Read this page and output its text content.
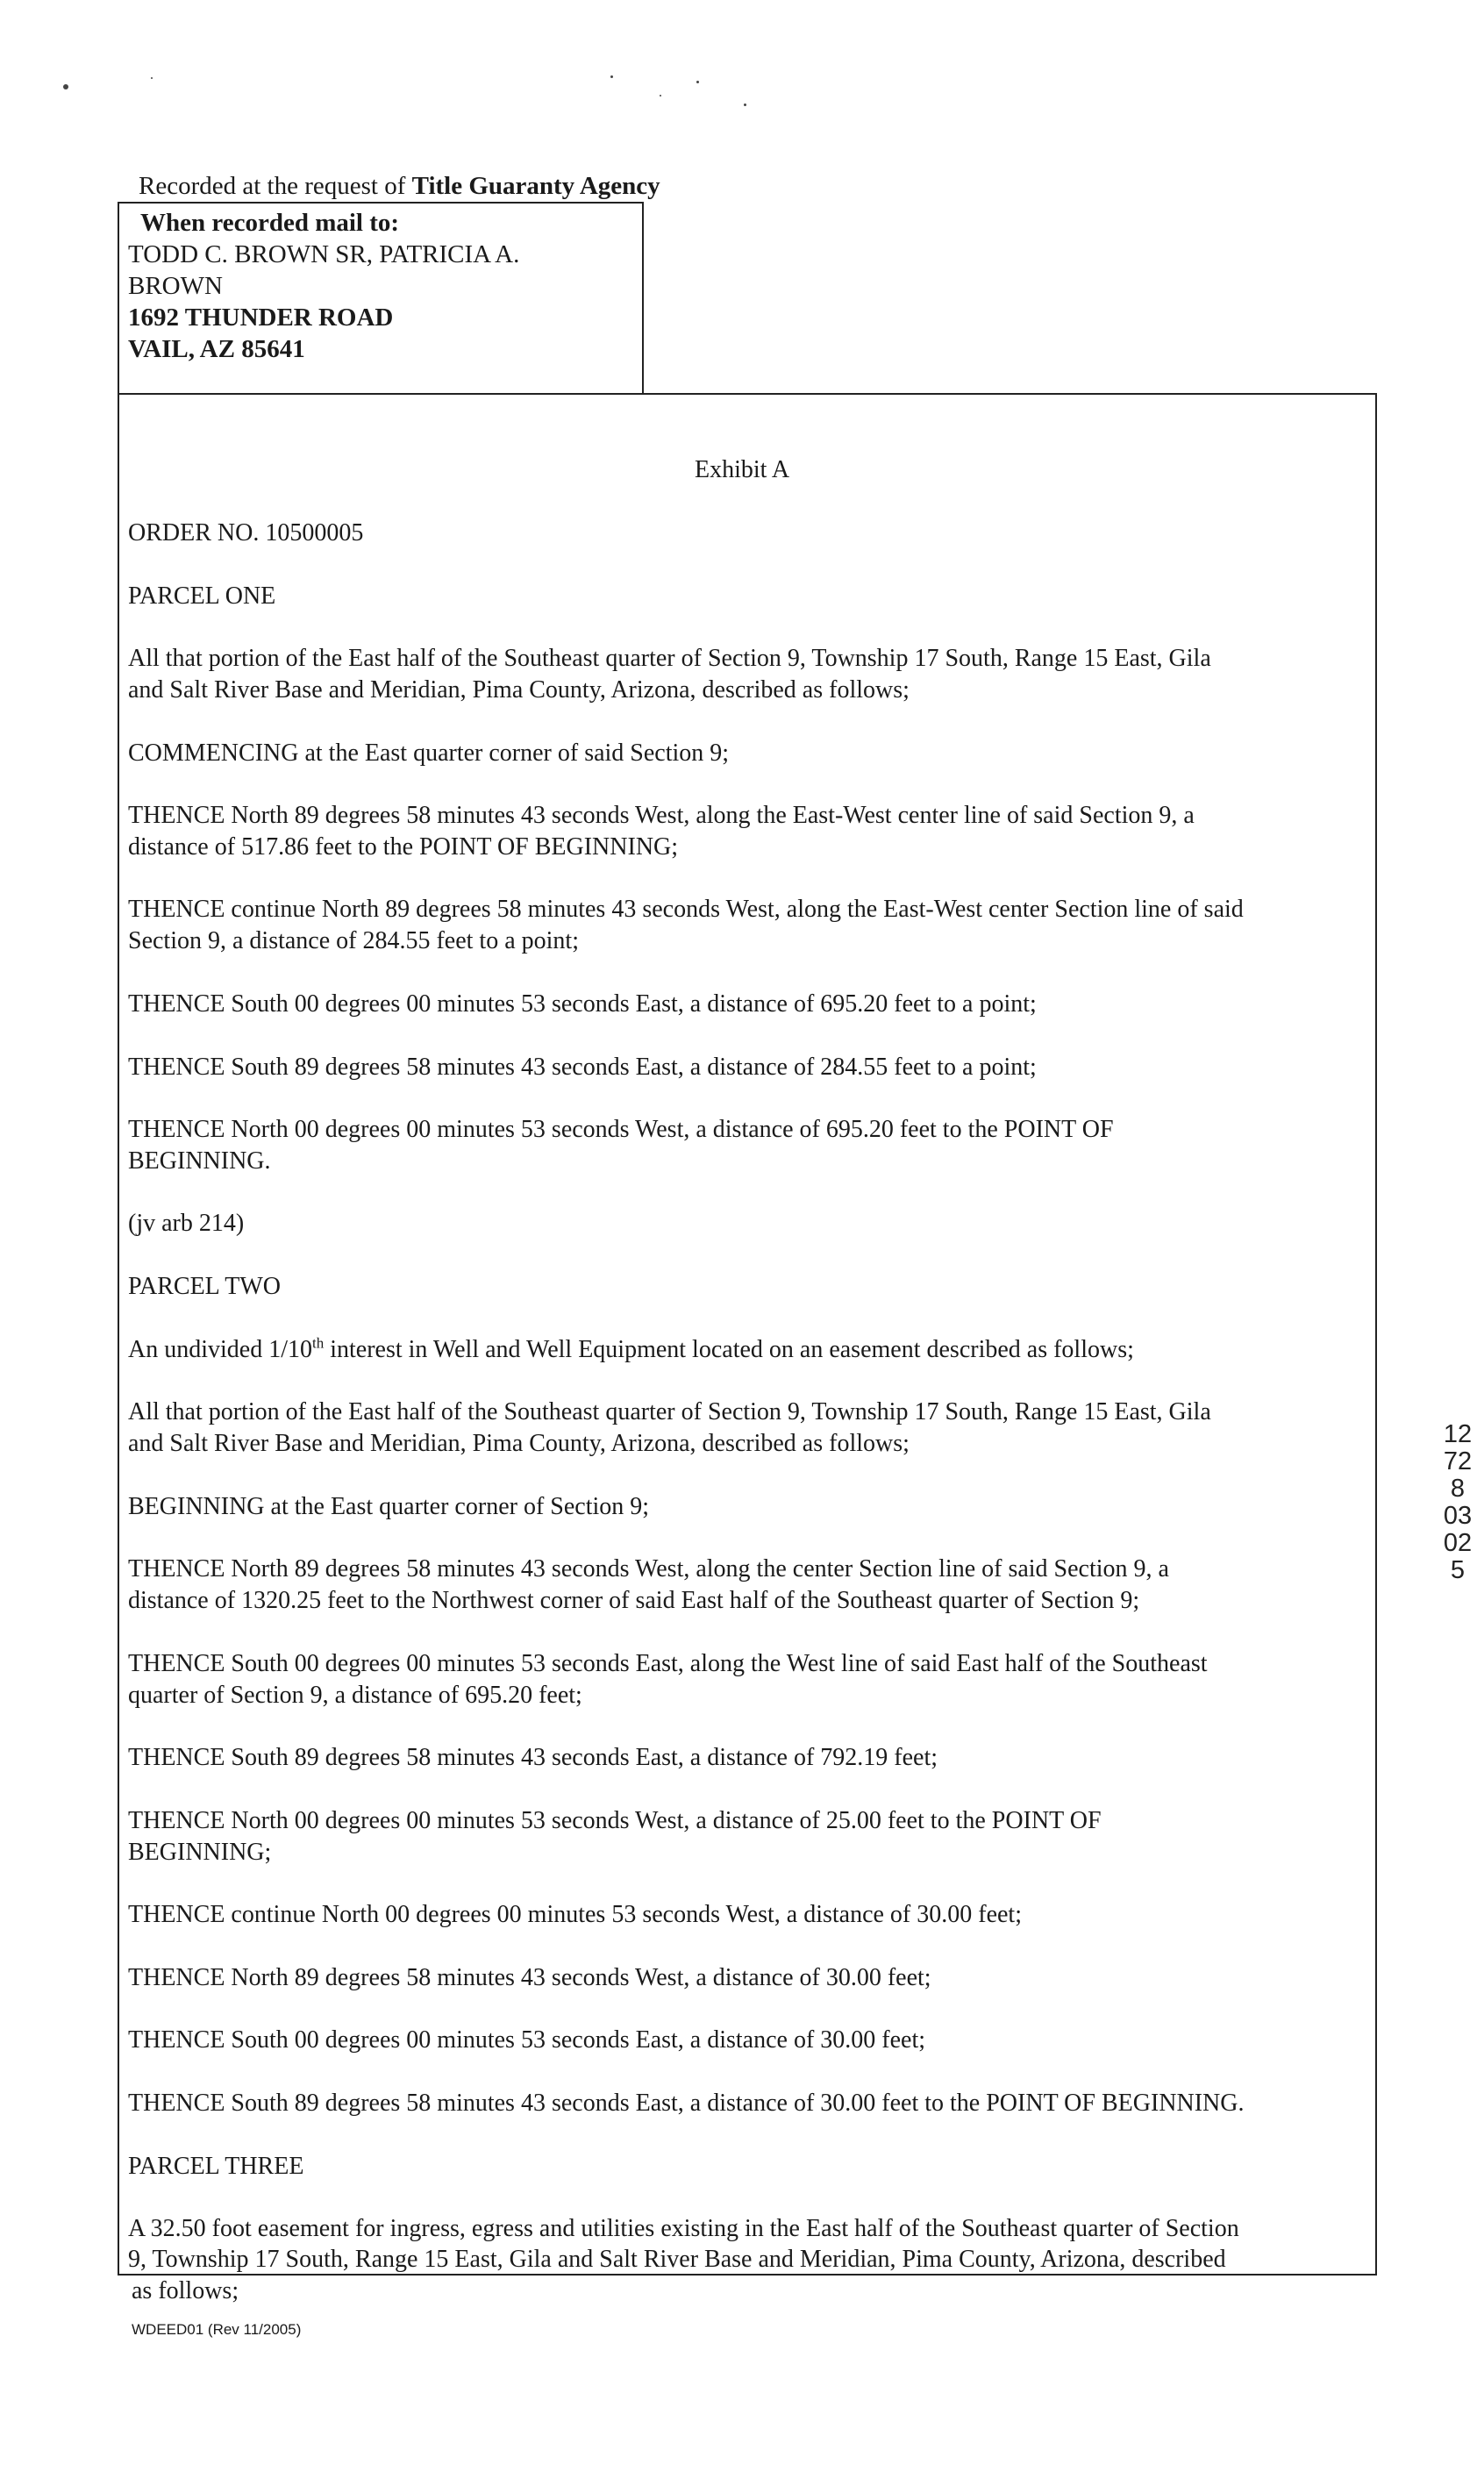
Recorded at the request of Title Guaranty Agency
When recorded mail to:
TODD C. BROWN SR, PATRICIA A.
BROWN
1692 THUNDER ROAD
VAIL, AZ 85641
Exhibit A
ORDER NO. 10500005
PARCEL ONE
All that portion of the East half of the Southeast quarter of Section 9, Township 17 South, Range 15 East, Gila
and Salt River Base and Meridian, Pima County, Arizona, described as follows;
COMMENCING at the East quarter corner of said Section 9;
THENCE North 89 degrees 58 minutes 43 seconds West, along the East-West center line of said Section 9, a
distance of 517.86 feet to the POINT OF BEGINNING;
THENCE continue North 89 degrees 58 minutes 43 seconds West, along the East-West center Section line of said
Section 9, a distance of 284.55 feet to a point;
THENCE South 00 degrees 00 minutes 53 seconds East, a distance of 695.20 feet to a point;
THENCE South 89 degrees 58 minutes 43 seconds East, a distance of 284.55 feet to a point;
THENCE North 00 degrees 00 minutes 53 seconds West, a distance of 695.20 feet to the POINT OF
BEGINNING.
(jv arb 214)
PARCEL TWO
An undivided 1/10th interest in Well and Well Equipment located on an easement described as follows;
All that portion of the East half of the Southeast quarter of Section 9, Township 17 South, Range 15 East, Gila
and Salt River Base and Meridian, Pima County, Arizona, described as follows;
BEGINNING at the East quarter corner of Section 9;
THENCE North 89 degrees 58 minutes 43 seconds West, along the center Section line of said Section 9, a
distance of 1320.25 feet to the Northwest corner of said East half of the Southeast quarter of Section 9;
THENCE South 00 degrees 00 minutes 53 seconds East, along the West line of said East half of the Southeast
quarter of Section 9, a distance of 695.20 feet;
THENCE South 89 degrees 58 minutes 43 seconds East, a distance of 792.19 feet;
THENCE North 00 degrees 00 minutes 53 seconds West, a distance of 25.00 feet to the POINT OF
BEGINNING;
THENCE continue North 00 degrees 00 minutes 53 seconds West, a distance of 30.00 feet;
THENCE North 89 degrees 58 minutes 43 seconds West, a distance of 30.00 feet;
THENCE South 00 degrees 00 minutes 53 seconds East, a distance of 30.00 feet;
THENCE South 89 degrees 58 minutes 43 seconds East, a distance of 30.00 feet to the POINT OF BEGINNING.
PARCEL THREE
A 32.50 foot easement for ingress, egress and utilities existing in the East half of the Southeast quarter of Section
9, Township 17 South, Range 15 East, Gila and Salt River Base and Meridian, Pima County, Arizona, described
as follows;
WDEED01 (Rev 11/2005)
12728 03025
